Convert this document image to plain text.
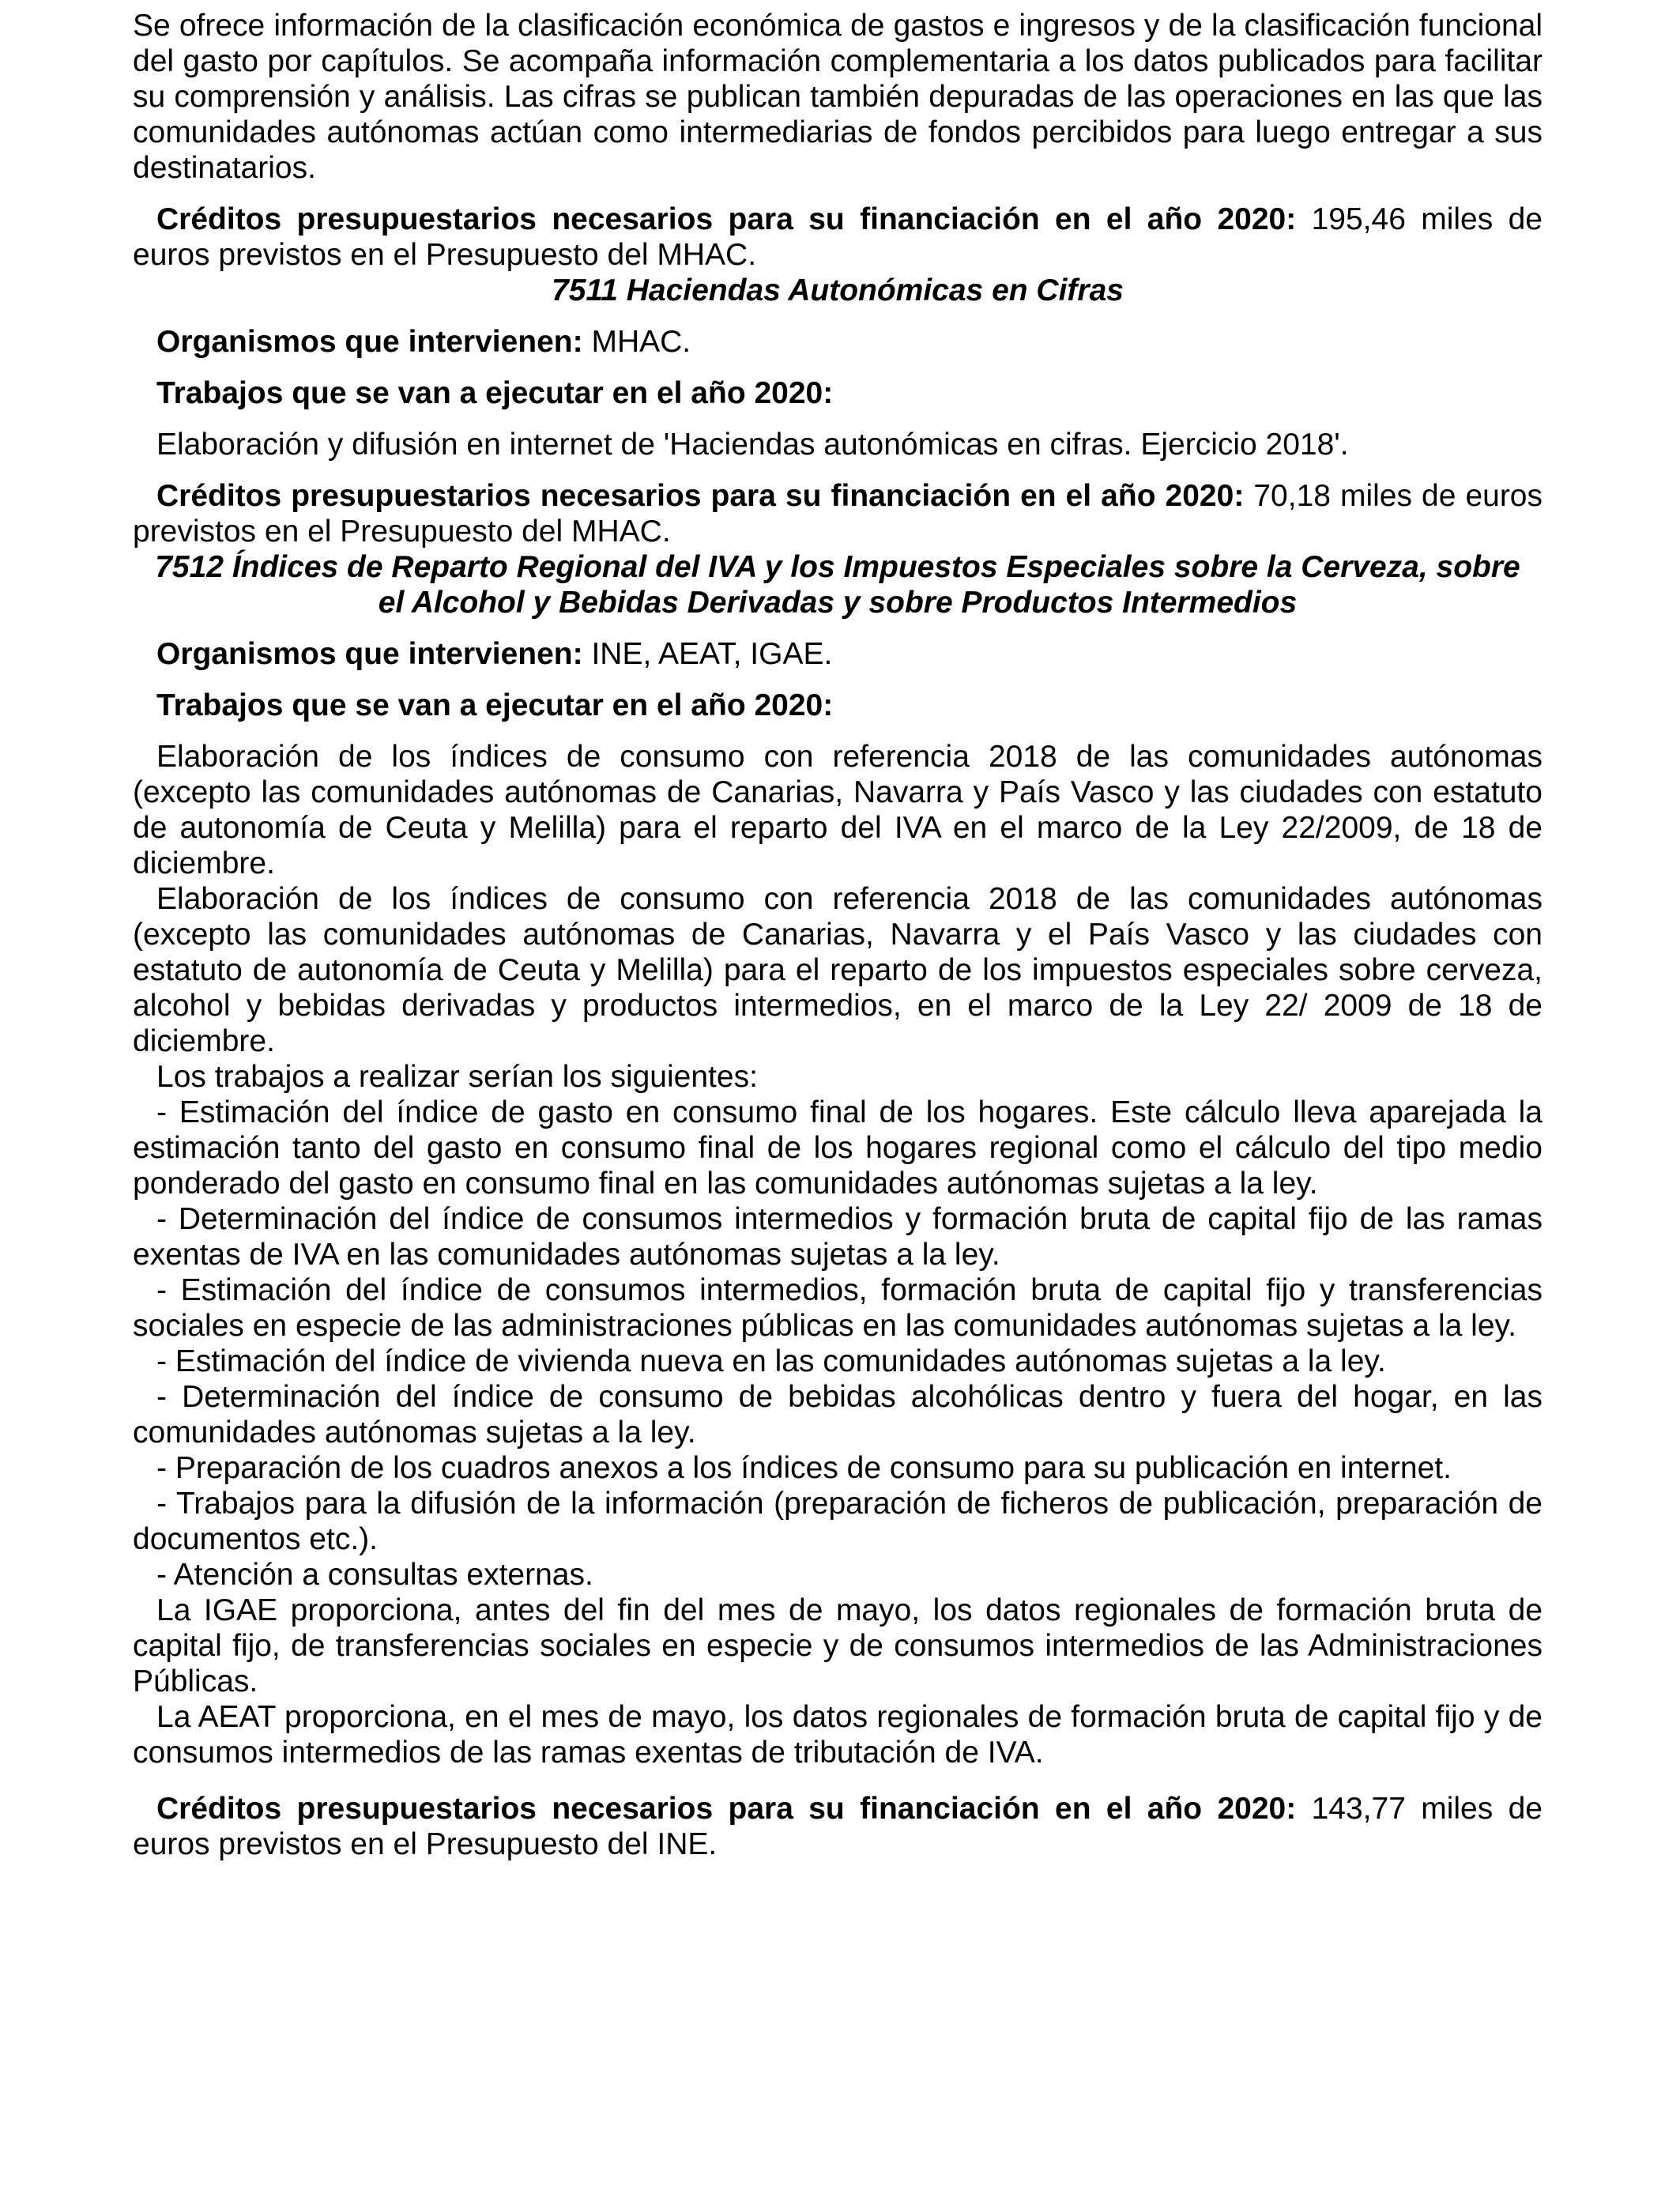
Se ofrece información de la clasificación económica de gastos e ingresos y de la clasificación funcional del gasto por capítulos. Se acompaña información complementaria a los datos publicados para facilitar su comprensión y análisis. Las cifras se publican también depuradas de las operaciones en las que las comunidades autónomas actúan como intermediarias de fondos percibidos para luego entregar a sus destinatarios.

Créditos presupuestarios necesarios para su financiación en el año 2020: 195,46 miles de euros previstos en el Presupuesto del MHAC.

7511 Haciendas Autonómicas en Cifras

Organismos que intervienen: MHAC.

Trabajos que se van a ejecutar en el año 2020:

Elaboración y difusión en internet de 'Haciendas autonómicas en cifras. Ejercicio 2018'.

Créditos presupuestarios necesarios para su financiación en el año 2020: 70,18 miles de euros previstos en el Presupuesto del MHAC.

7512 Índices de Reparto Regional del IVA y los Impuestos Especiales sobre la Cerveza, sobre

el Alcohol y Bebidas Derivadas y sobre Productos Intermedios

Organismos que intervienen: INE, AEAT, IGAE.

Trabajos que se van a ejecutar en el año 2020:

Elaboración de los índices de consumo con referencia 2018 de las comunidades autónomas (excepto las comunidades autónomas de Canarias, Navarra y País Vasco y las ciudades con estatuto de autonomía de Ceuta y Melilla) para el reparto del IVA en el marco de la Ley 22/2009, de 18 de diciembre.

Elaboración de los índices de consumo con referencia 2018 de las comunidades autónomas (excepto las comunidades autónomas de Canarias, Navarra y el País Vasco y las ciudades con estatuto de autonomía de Ceuta y Melilla) para el reparto de los impuestos especiales sobre cerveza, alcohol y bebidas derivadas y productos intermedios, en el marco de la Ley 22/ 2009 de 18 de diciembre.

Los trabajos a realizar serían los siguientes:

- Estimación del índice de gasto en consumo final de los hogares. Este cálculo lleva aparejada la estimación tanto del gasto en consumo final de los hogares regional como el cálculo del tipo medio ponderado del gasto en consumo final en las comunidades autónomas sujetas a la ley.

- Determinación del índice de consumos intermedios y formación bruta de capital fijo de las ramas exentas de IVA en las comunidades autónomas sujetas a la ley.

- Estimación del índice de consumos intermedios, formación bruta de capital fijo y transferencias sociales en especie de las administraciones públicas en las comunidades autónomas sujetas a la ley.

- Estimación del índice de vivienda nueva en las comunidades autónomas sujetas a la ley.

- Determinación del índice de consumo de bebidas alcohólicas dentro y fuera del hogar, en las comunidades autónomas sujetas a la ley.

- Preparación de los cuadros anexos a los índices de consumo para su publicación en internet.

- Trabajos para la difusión de la información (preparación de ficheros de publicación, preparación de documentos etc.).

- Atención a consultas externas.

La IGAE proporciona, antes del fin del mes de mayo, los datos regionales de formación bruta de capital fijo, de transferencias sociales en especie y de consumos intermedios de las Administraciones Públicas.

La AEAT proporciona, en el mes de mayo, los datos regionales de formación bruta de capital fijo y de consumos intermedios de las ramas exentas de tributación de IVA.

Créditos presupuestarios necesarios para su financiación en el año 2020: 143,77 miles de euros previstos en el Presupuesto del INE.
